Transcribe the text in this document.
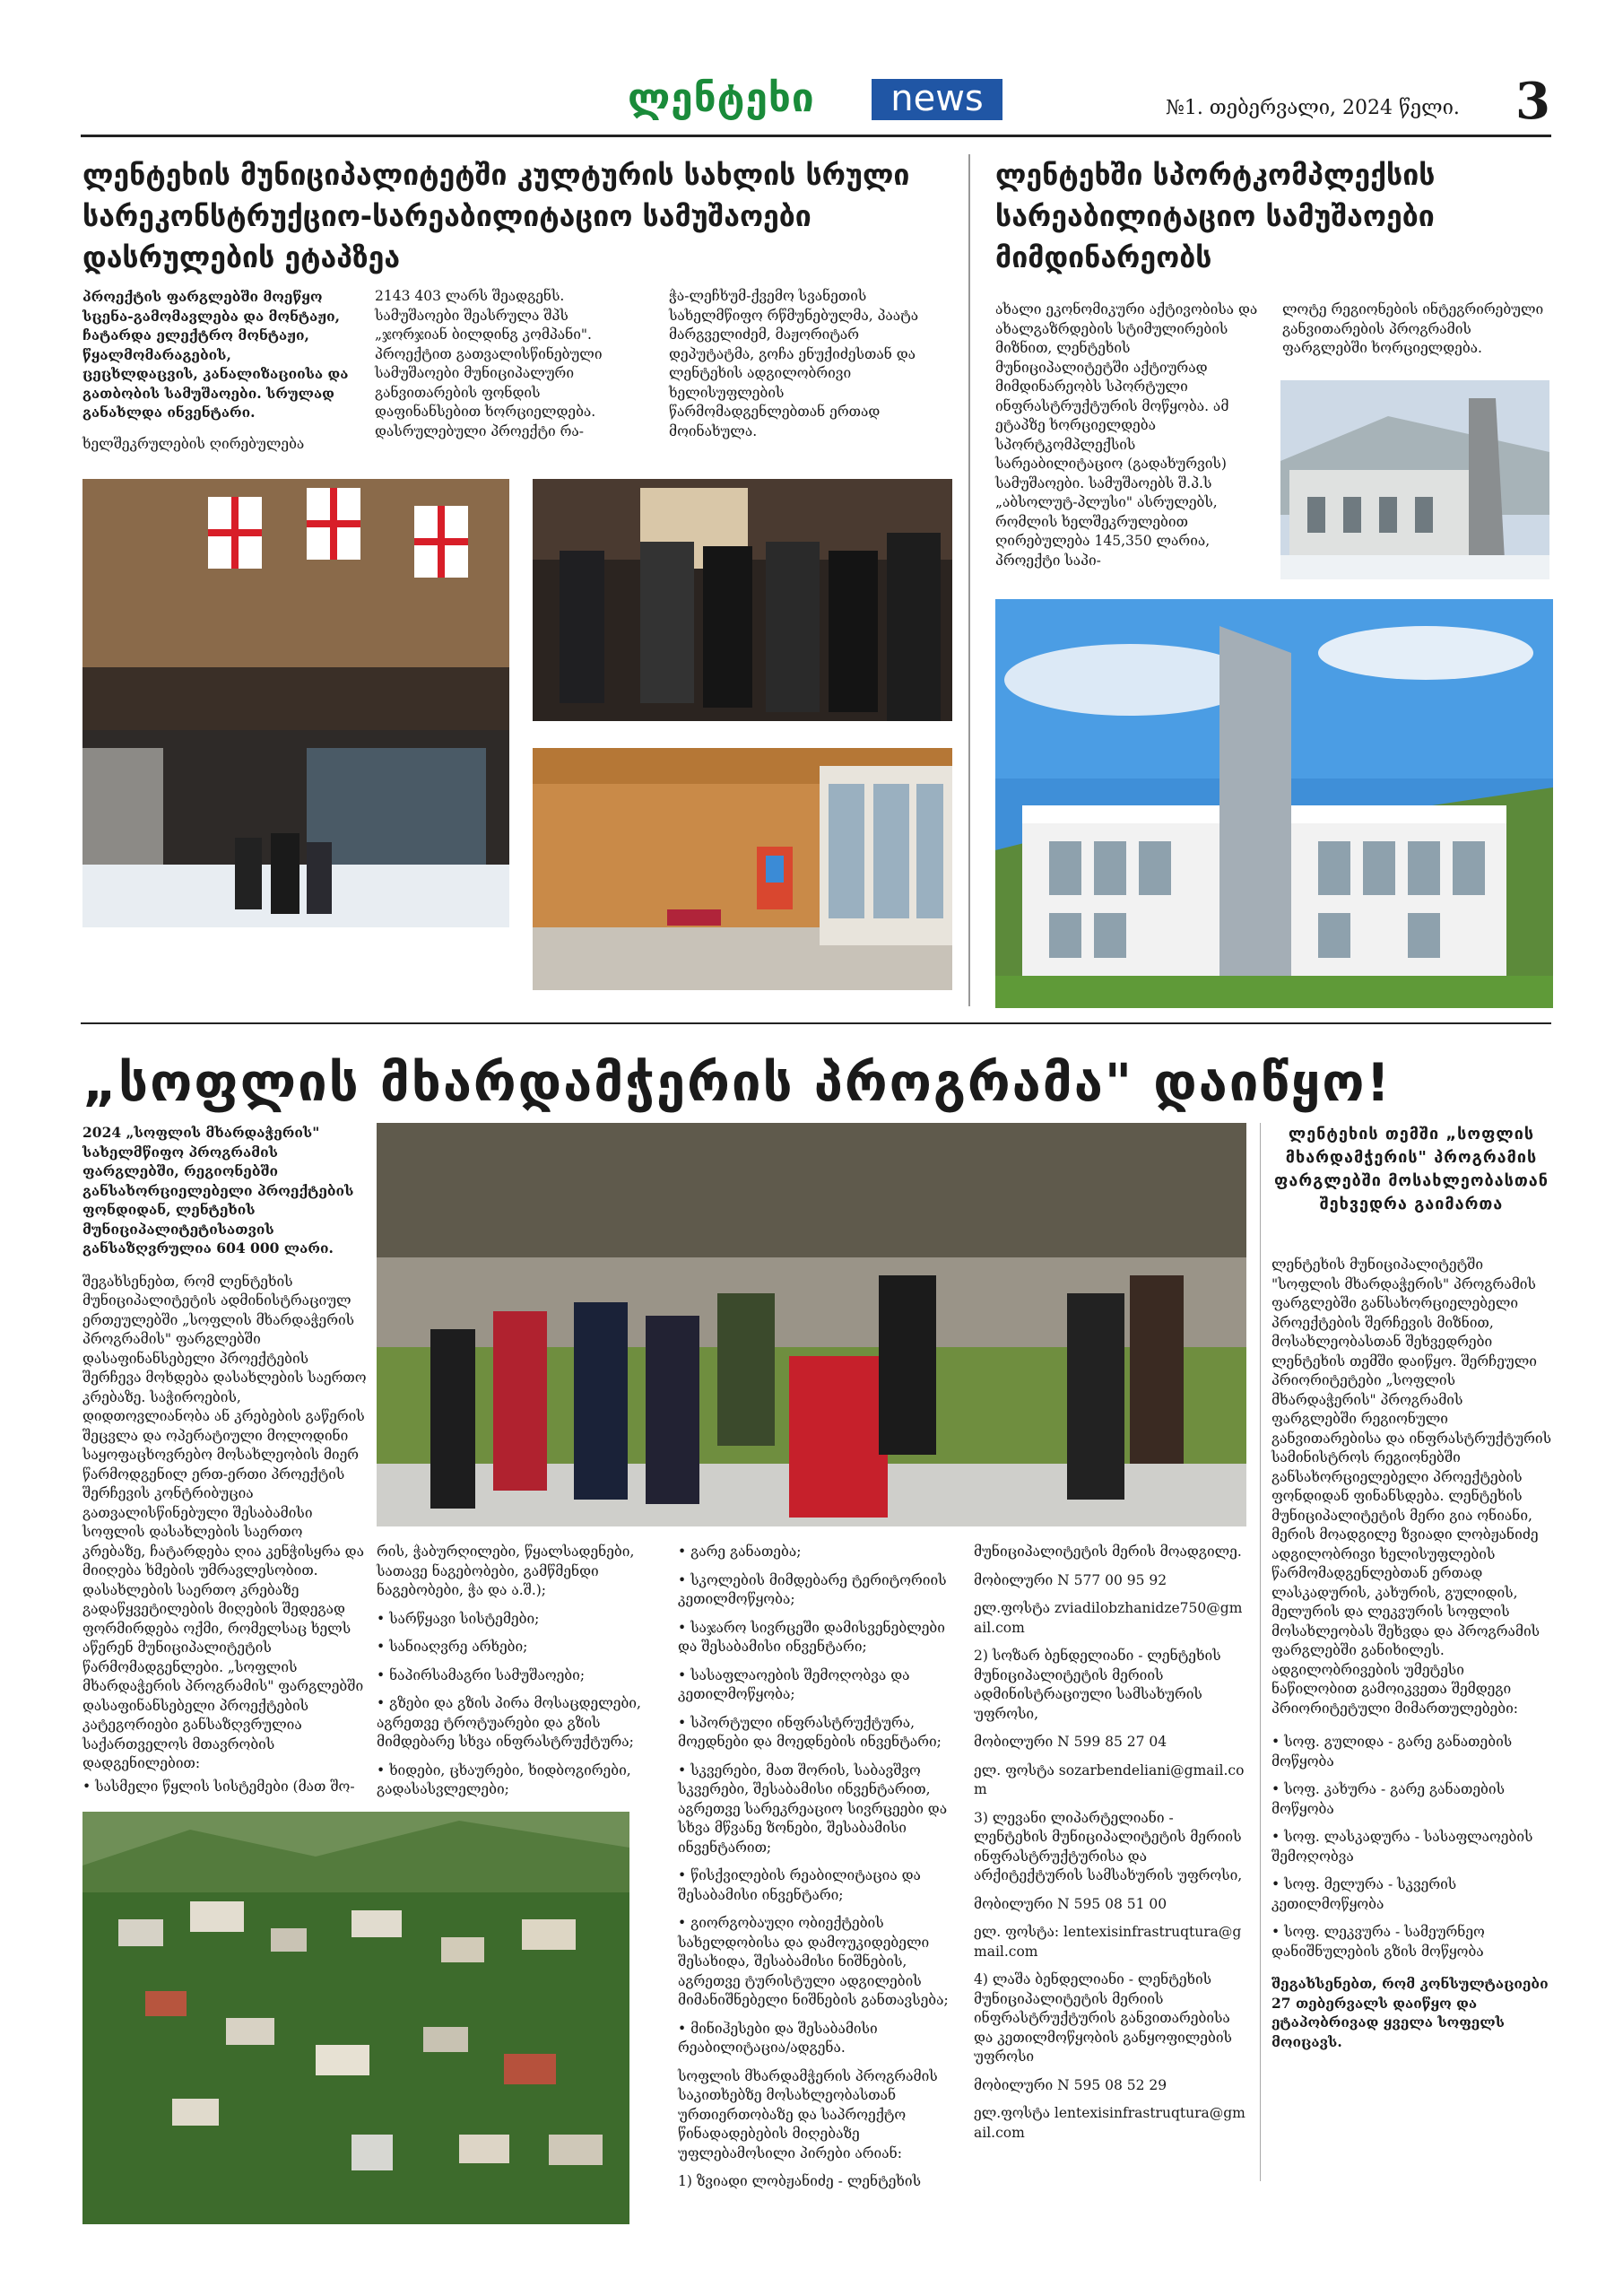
ლენტეხი	news	№1. თებერვალი, 2024 წელი. 3
ლენტეხის მუნიციპალიტეტში კულტურის სახლის სრული სარეკონსტრუქციო-სარეაბილიტაციო სამუშაოები დასრულების ეტაპზეა

პროექტის ფარგლებში მოეწყო სცენა-გამომავლება და მონტაჟი, ჩატარდა ელექტრო მონტაჟი, წყალმომარაგების, ცეცხლდაცვის, კანალიზაციისა და გათბობის სამუშაოები. სრულად განახლდა ინვენტარი.

ხელშეკრულების ღირებულება

2143 403 ლარს შეადგენს. სამუშაოები შეასრულა შპს „ჯორჯიან ბილდინგ კომპანი". პროექტით გათვალისწინებული სამუშაოები მუნიციპალური განვითარების ფონდის დაფინანსებით ხორციელდება. დასრულებული პროექტი რა-

ჭა-ლეჩხუმ-ქვემო სვანეთის სახელმწიფო რწმუნებულმა, პაატა მარგველიძემ, მაჟორიტარ დეპუტატმა, გოჩა ენუქიძესთან და ლენტეხის ადგილობრივი ხელისუფლების წარმომადგენლებთან ერთად მოინახულა.

ლენტეხში სპორტკომპლექსის სარეაბილიტაციო სამუშაოები მიმდინარეობს

ახალი ეკონომიკური აქტივობისა და ახალგაზრდების სტიმულირების მიზნით, ლენტეხის მუნიციპალიტეტში აქტიურად მიმდინარეობს სპორტული ინფრასტრუქტურის მოწყობა. ამ ეტაპზე ხორციელდება სპორტკომპლექსის სარეაბილიტაციო (გადახურვის) სამუშაოები. სამუშაოებს შ.პ.ს „აბსოლუტ-პლუსი" ასრულებს, რომლის ხელშეკრულებით ღირებულება 145,350 ლარია, პროექტი საპი-

ლოტე რეგიონების ინტეგრირებული განვითარების პროგრამის ფარგლებში ხორციელდება.

„სოფლის მხარდამჭერის პროგრამა" დაიწყო!

2024 „სოფლის მხარდაჭერის" სახელმწიფო პროგრამის ფარგლებში, რეგიონებში განსახორციელებელი პროექტების ფონდიდან, ლენტეხის მუნიციპალიტეტისათვის განსაზღვრულია 604 000 ლარი.

შეგახსენებთ, რომ ლენტეხის მუნიციპალიტეტის ადმინისტრაციულ ერთეულებში „სოფლის მხარდაჭერის პროგრამის" ფარგლებში დასაფინანსებელი პროექტების შერჩევა მოხდება დასახლების საერთო კრებაზე. საჭიროების, დიდთოვლიანობა ან კრებების გაწერის შეცვლა და ოპერატიული მოლოდინი საყოფაცხოვრებო მოსახლეობის მიერ წარმოდგენილ ერთ-ერთი პროექტის შერჩევის კონტრიბუცია გათვალისწინებული შესაბამისი სოფლის დასახლების საერთო კრებაზე, ჩატარდება ღია კენჭისყრა და მიიღება ხმების უმრავლესობით. დასახლების საერთო კრებაზე გადაწყვეტილების მიღების შედეგად ფორმირდება ოქმი, რომელსაც ხელს აწერენ მუნიციპალიტეტის წარმომადგენლები. „სოფლის მხარდაჭერის პროგრამის" ფარგლებში დასაფინანსებელი პროექტების კატეგორიები განსაზღვრულია საქართველოს მთავრობის დადგენილებით:

• სასმელი წყლის სისტემები (მათ შო-

რის, ჭაბურღილები, წყალსადენები, სათავე ნაგებობები, გამწმენდი ნაგებობები, ჭა და ა.შ.);

• სარწყავი სისტემები;

• სანიაღვრე არხები;

• ნაპირსამაგრი სამუშაოები;

• გზები და გზის პირა მოსაცდელები, აგრეთვე ტროტუარები და გზის მიმდებარე სხვა ინფრასტრუქტურა;

• ხიდები, ცხაურები, ხიდბოგირები, გადასასვლელები;

• გარე განათება;

• სკოლების მიმდებარე ტერიტორიის კეთილმოწყობა;

• საჯარო სივრცეში დამისვენებლები და შესაბამისი ინვენტარი;

• სასაფლაოების შემოღობვა და კეთილმოწყობა;

• სპორტული ინფრასტრუქტურა, მოედნები და მოედნების ინვენტარი;

• სკვერები, მათ შორის, საბავშვო სკვერები, შესაბამისი ინვენტარით, აგრეთვე სარეკრეაციო სივრცეები და სხვა მწვანე ზონები, შესაბამისი ინვენტარით;

• წისქვილების რეაბილიტაცია და შესაბამისი ინვენტარი;

• გიორგობაუღი ობიექტების სახელდობისა და დამოუკიდებელი შესახიდა, შესაბამისი ნიშნების, აგრეთვე ტურისტული ადგილების მიმანიშნებელი ნიშნების განთავსება;

• მინიჰესები და შესაბამისი რეაბილიტაცია/ადგენა.

სოფლის მხარდამჭერის პროგრამის საკითხებზე მოსახლეობასთან ურთიერთობაზე და საპროექტო წინადადებების მიღებაზე უფლებამოსილი პირები არიან:

1) ზვიადი ლობჟანიძე - ლენტეხის

მუნიციპალიტეტის მერის მოადგილე.

მობილური N 577 00 95 92

ელ.ფოსტა zviadilobzhanidze750@gmail.com

2) სოზარ ბენდელიანი - ლენტეხის მუნიციპალიტეტის მერიის ადმინისტრაციული სამსახურის უფროსი,

მობილური N 599 85 27 04

ელ. ფოსტა sozarbendeliani@gmail.com

3) ლევანი ლიპარტელიანი - ლენტეხის მუნიციპალიტეტის მერიის ინფრასტრუქტურისა და არქიტექტურის სამსახურის უფროსი,

მობილური N 595 08 51 00

ელ. ფოსტა: lentexisinfrastruqtura@gmail.com

4) ლაშა ბენდელიანი - ლენტეხის მუნიციპალიტეტის მერიის ინფრასტრუქტურის განვითარებისა და კეთილმოწყობის განყოფილების უფროსი

მობილური N 595 08 52 29

ელ.ფოსტა lentexisinfrastruqtura@gmail.com

ლენტეხის თემში „სოფლის მხარდამჭერის" პროგრამის ფარგლებში მოსახლეობასთან შეხვედრა გაიმართა

ლენტეხის მუნიციპალიტეტში "სოფლის მხარდაჭერის" პროგრამის ფარგლებში განსახორციელებელი პროექტების შერჩევის მიზნით, მოსახლეობასთან შეხვედრები ლენტეხის თემში დაიწყო. შერჩეული პრიორიტეტები „სოფლის მხარდაჭერის" პროგრამის ფარგლებში რეგიონული განვითარებისა და ინფრასტრუქტურის სამინისტროს რეგიონებში განსახორციელებელი პროექტების ფონდიდან ფინანსდება. ლენტეხის მუნიციპალიტეტის მერი გია ონიანი, მერის მოადგილე ზვიადი ლობჟანიძე ადგილობრივი ხელისუფლების წარმომადგენლებთან ერთად ლასკადურის, კახურის, გულიდის, მელურის და ლეკვურის სოფლის მოსახლეობას შეხვდა და პროგრამის ფარგლებში განიხილეს. ადგილობრივების უმეტესი ნაწილობით გამოიკვეთა შემდეგი პრიორიტეტული მიმართულებები:

• სოფ. გულიდა - გარე განათების მოწყობა

• სოფ. კახურა - გარე განათების მოწყობა

• სოფ. ლასკადურა - სასაფლაოების შემოღობვა

• სოფ. მელურა - სკვერის კეთილმოწყობა

• სოფ. ლეკვურა - სამეურნეო დანიშნულების გზის მოწყობა

შეგახსენებთ, რომ კონსულტაციები 27 თებერვალს დაიწყო და ეტაპობრივად ყველა სოფელს მოიცავს.
